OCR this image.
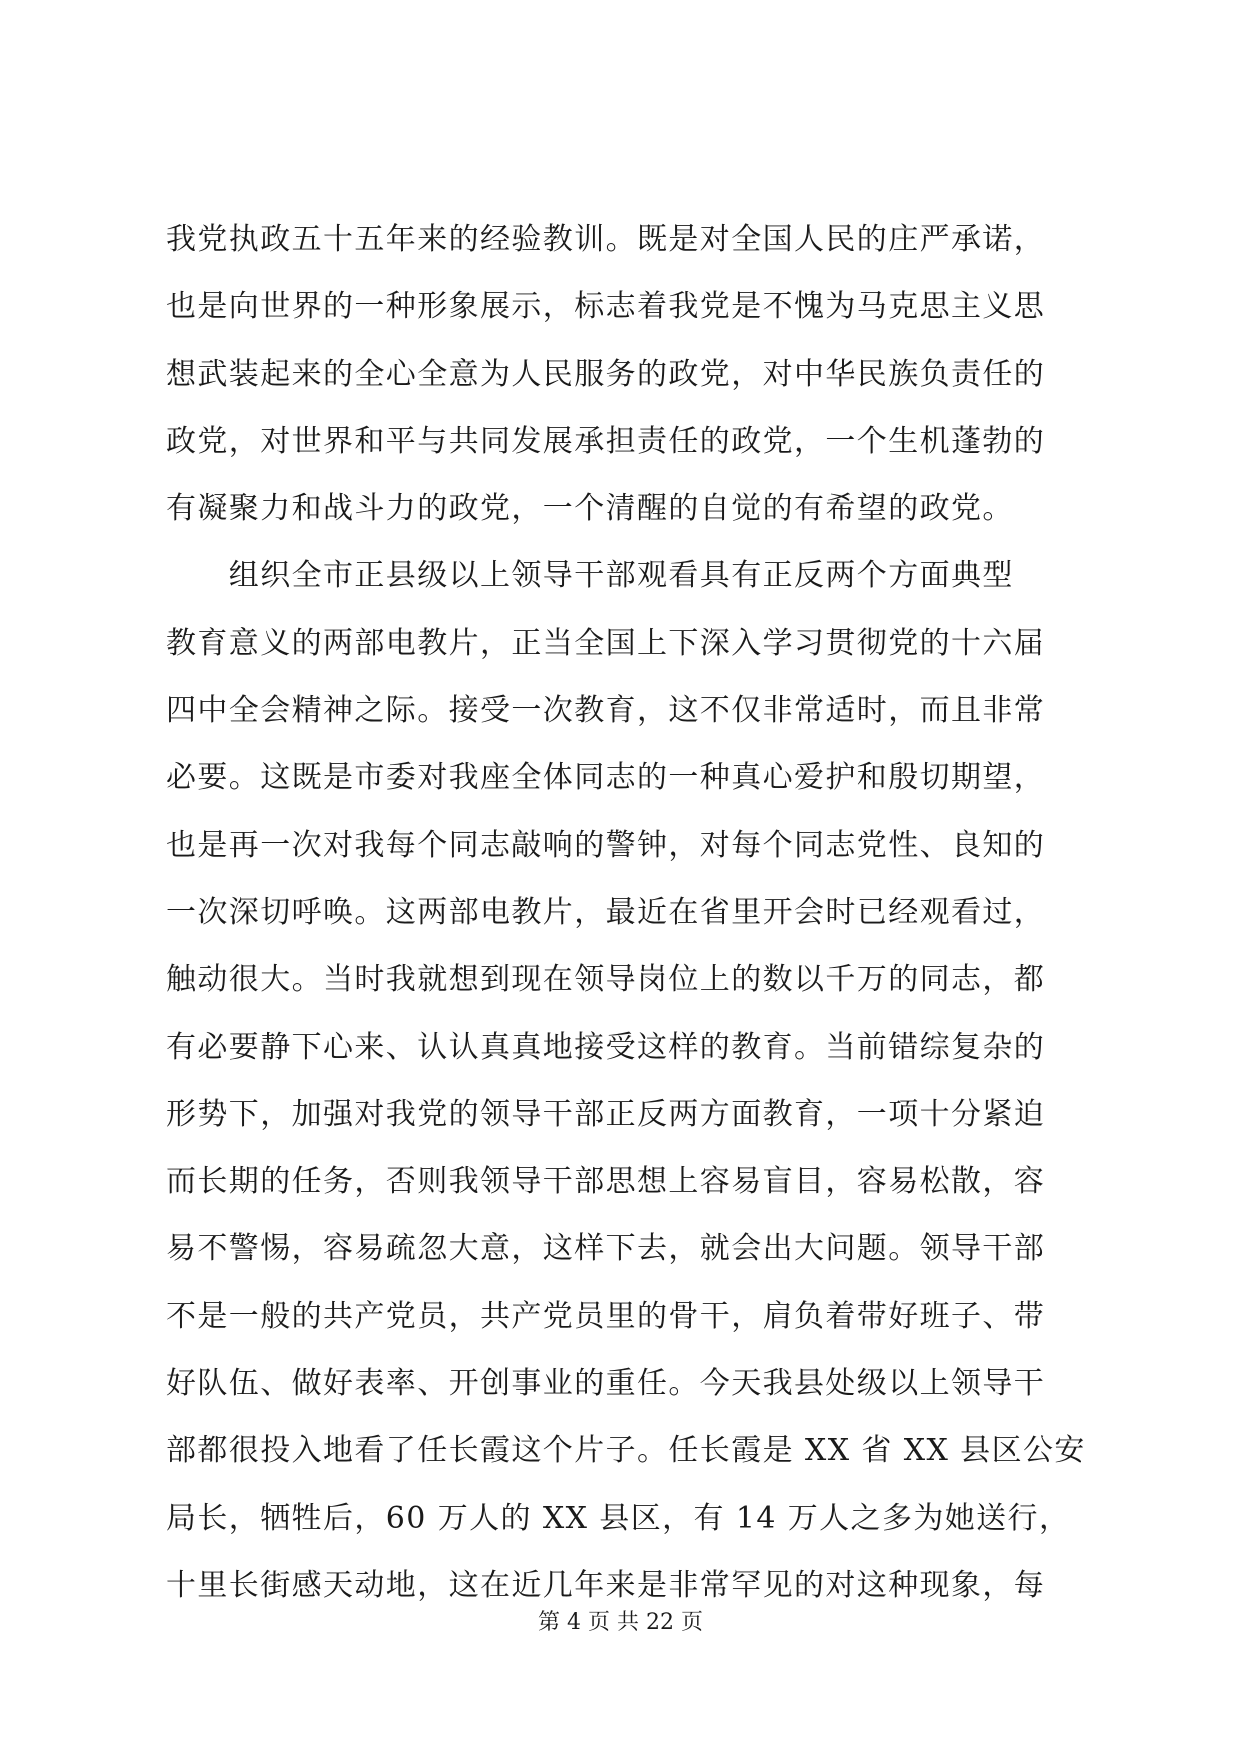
我党执政五十五年来的经验教训。既是对全国人民的庄严承诺，
也是向世界的一种形象展示，标志着我党是不愧为马克思主义思
想武装起来的全心全意为人民服务的政党，对中华民族负责任的
政党，对世界和平与共同发展承担责任的政党，一个生机蓬勃的
有凝聚力和战斗力的政党，一个清醒的自觉的有希望的政党。
　　组织全市正县级以上领导干部观看具有正反两个方面典型
教育意义的两部电教片，正当全国上下深入学习贯彻党的十六届
四中全会精神之际。接受一次教育，这不仅非常适时，而且非常
必要。这既是市委对我座全体同志的一种真心爱护和殷切期望，
也是再一次对我每个同志敲响的警钟，对每个同志党性、良知的
一次深切呼唤。这两部电教片，最近在省里开会时已经观看过，
触动很大。当时我就想到现在领导岗位上的数以千万的同志，都
有必要静下心来、认认真真地接受这样的教育。当前错综复杂的
形势下，加强对我党的领导干部正反两方面教育，一项十分紧迫
而长期的任务，否则我领导干部思想上容易盲目，容易松散，容
易不警惕，容易疏忽大意，这样下去，就会出大问题。领导干部
不是一般的共产党员，共产党员里的骨干，肩负着带好班子、带
好队伍、做好表率、开创事业的重任。今天我县处级以上领导干
部都很投入地看了任长霞这个片子。任长霞是 XX 省 XX 县区公安
局长，牺牲后，60 万人的 XX 县区，有 14 万人之多为她送行，
十里长街感天动地，这在近几年来是非常罕见的对这种现象，每
第 4 页 共 22 页
